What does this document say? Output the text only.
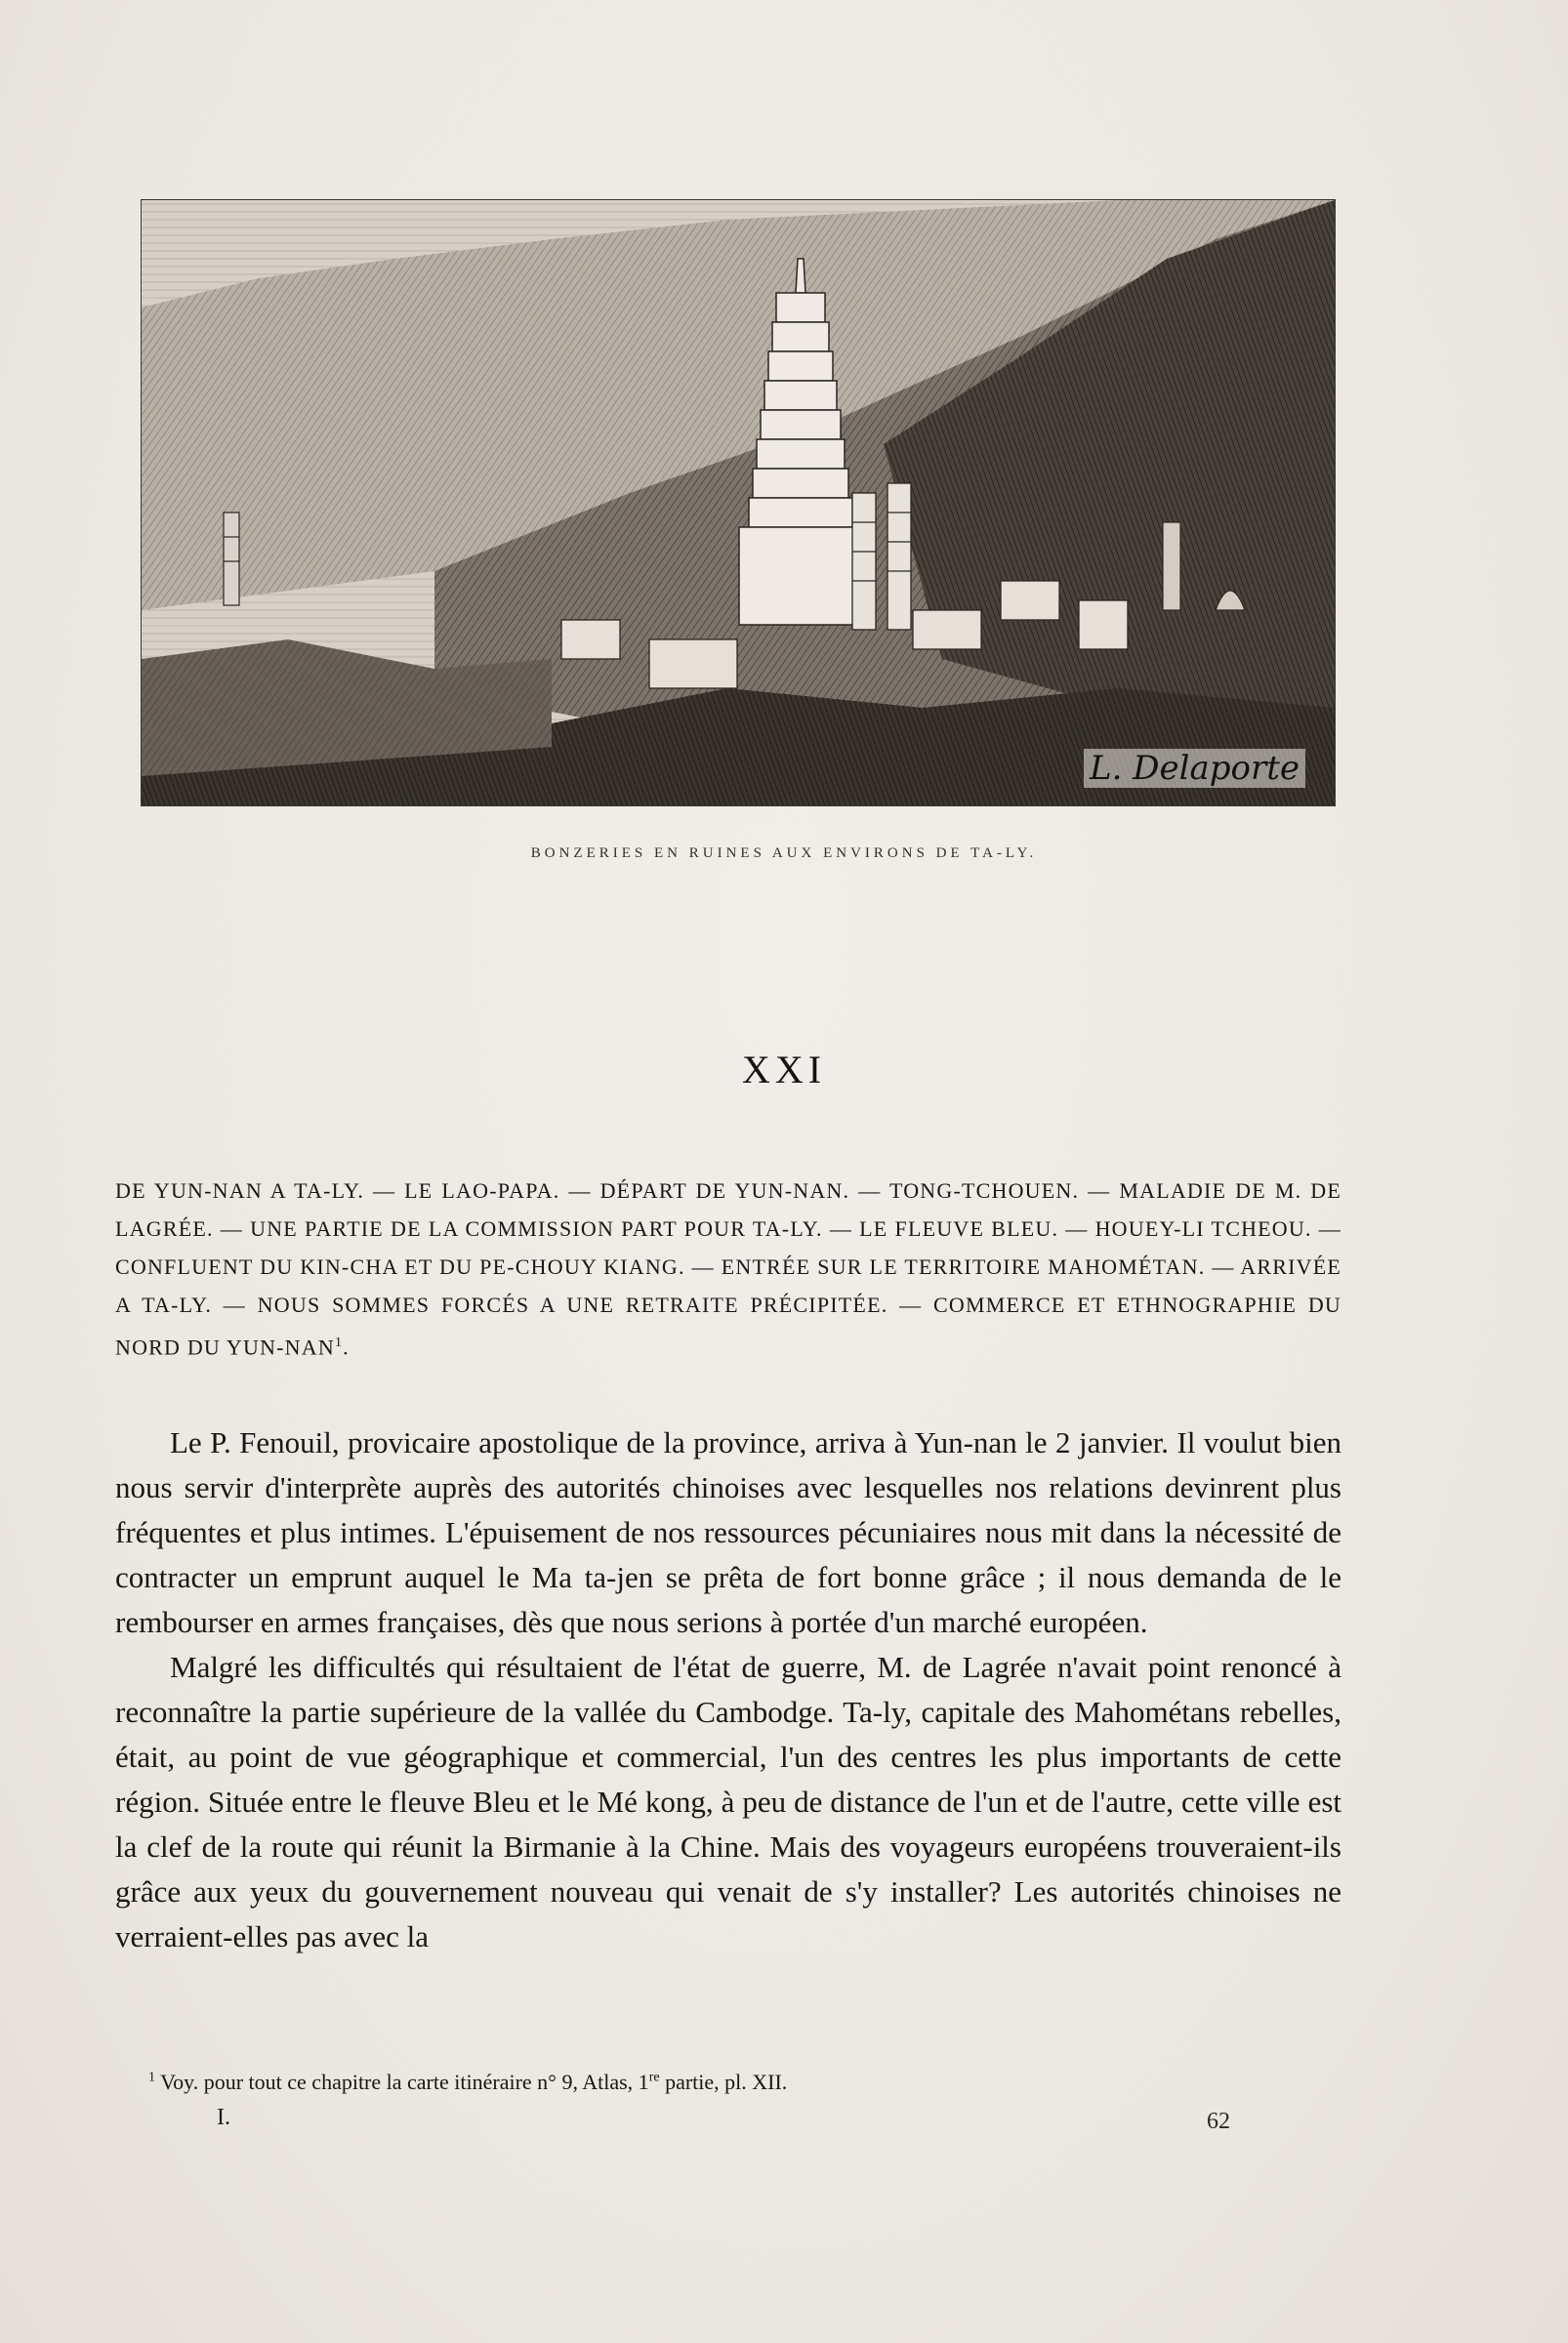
L. Delaporte
BONZERIES EN RUINES AUX ENVIRONS DE TA-LY.
XXI
DE YUN-NAN A TA-LY. — LE LAO-PAPA. — DÉPART DE YUN-NAN. — TONG-TCHOUEN. — MALADIE DE M. DE LAGRÉE. — UNE PARTIE DE LA COMMISSION PART POUR TA-LY. — LE FLEUVE BLEU. — HOUEY-LI TCHEOU. — CONFLUENT DU KIN-CHA ET DU PE-CHOUY KIANG. — ENTRÉE SUR LE TERRITOIRE MAHOMÉTAN. — ARRIVÉE A TA-LY. — NOUS SOMMES FORCÉS A UNE RETRAITE PRÉCIPITÉE. — COMMERCE ET ETHNOGRAPHIE DU NORD DU YUN-NAN$^1$.

Le P. Fenouil, provicaire apostolique de la province, arriva à Yun-nan le 2 janvier. Il voulut bien nous servir d'interprète auprès des autorités chinoises avec lesquelles nos relations devinrent plus fréquentes et plus intimes. L'épuisement de nos ressources pécuniaires nous mit dans la nécessité de contracter un emprunt auquel le Ma ta-jen se prêta de fort bonne grâce ; il nous demanda de le rembourser en armes françaises, dès que nous serions à portée d'un marché européen.

Malgré les difficultés qui résultaient de l'état de guerre, M. de Lagrée n'avait point renoncé à reconnaître la partie supérieure de la vallée du Cambodge. Ta-ly, capitale des Mahométans rebelles, était, au point de vue géographique et commercial, l'un des centres les plus importants de cette région. Située entre le fleuve Bleu et le Mé kong, à peu de distance de l'un et de l'autre, cette ville est la clef de la route qui réunit la Birmanie à la Chine. Mais des voyageurs européens trouveraient-ils grâce aux yeux du gouvernement nouveau qui venait de s'y installer? Les autorités chinoises ne verraient-elles pas avec la

$^1$ Voy. pour tout ce chapitre la carte itinéraire n° 9, Atlas, 1re partie, pl. XII.
I.	62
